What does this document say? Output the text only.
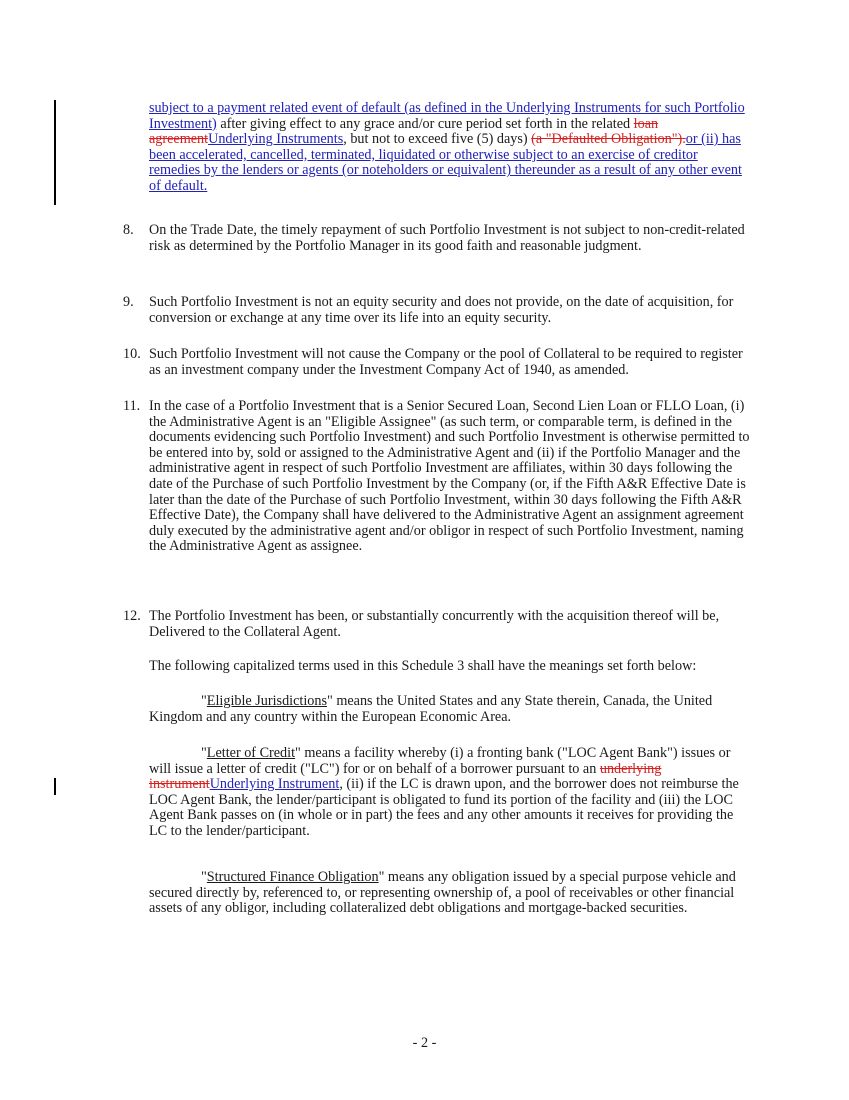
subject to a payment related event of default (as defined in the Underlying Instruments for such Portfolio Investment) after giving effect to any grace and/or cure period set forth in the related loan agreementUnderlying Instruments, but not to exceed five (5) days) (a "Defaulted Obligation").or (ii) has been accelerated, cancelled, terminated, liquidated or otherwise subject to an exercise of creditor remedies by the lenders or agents (or noteholders or equivalent) thereunder as a result of any other event of default.

8. On the Trade Date, the timely repayment of such Portfolio Investment is not subject to non-credit-related risk as determined by the Portfolio Manager in its good faith and reasonable judgment.

9. Such Portfolio Investment is not an equity security and does not provide, on the date of acquisition, for conversion or exchange at any time over its life into an equity security.

10. Such Portfolio Investment will not cause the Company or the pool of Collateral to be required to register as an investment company under the Investment Company Act of 1940, as amended.

11. In the case of a Portfolio Investment that is a Senior Secured Loan, Second Lien Loan or FLLO Loan, (i) the Administrative Agent is an "Eligible Assignee" (as such term, or comparable term, is defined in the documents evidencing such Portfolio Investment) and such Portfolio Investment is otherwise permitted to be entered into by, sold or assigned to the Administrative Agent and (ii) if the Portfolio Manager and the administrative agent in respect of such Portfolio Investment are affiliates, within 30 days following the date of the Purchase of such Portfolio Investment by the Company (or, if the Fifth A&R Effective Date is later than the date of the Purchase of such Portfolio Investment, within 30 days following the Fifth A&R Effective Date), the Company shall have delivered to the Administrative Agent an assignment agreement duly executed by the administrative agent and/or obligor in respect of such Portfolio Investment, naming the Administrative Agent as assignee.

12. The Portfolio Investment has been, or substantially concurrently with the acquisition thereof will be, Delivered to the Collateral Agent.

The following capitalized terms used in this Schedule 3 shall have the meanings set forth below:

"Eligible Jurisdictions" means the United States and any State therein, Canada, the United Kingdom and any country within the European Economic Area.

"Letter of Credit" means a facility whereby (i) a fronting bank ("LOC Agent Bank") issues or will issue a letter of credit ("LC") for or on behalf of a borrower pursuant to an underlying instrumentUnderlying Instrument, (ii) if the LC is drawn upon, and the borrower does not reimburse the LOC Agent Bank, the lender/participant is obligated to fund its portion of the facility and (iii) the LOC Agent Bank passes on (in whole or in part) the fees and any other amounts it receives for providing the LC to the lender/participant.

"Structured Finance Obligation" means any obligation issued by a special purpose vehicle and secured directly by, referenced to, or representing ownership of, a pool of receivables or other financial assets of any obligor, including collateralized debt obligations and mortgage-backed securities.

- 2 -
